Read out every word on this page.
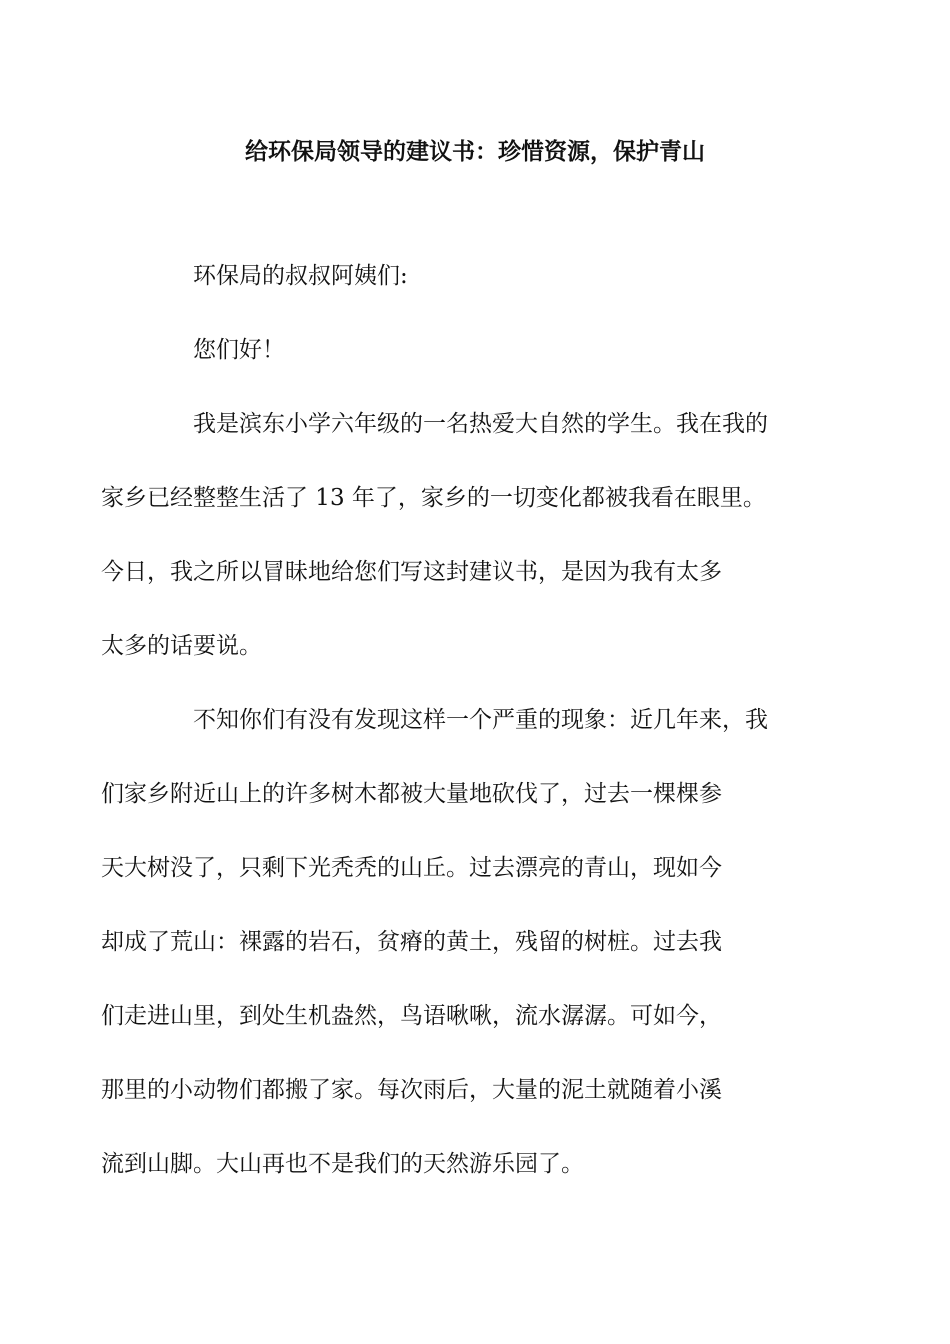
给环保局领导的建议书：珍惜资源，保护青山
环保局的叔叔阿姨们:
您们好！
我是滨东小学六年级的一名热爱大自然的学生。我在我的
家乡已经整整生活了 13 年了，家乡的一切变化都被我看在眼里。
今日，我之所以冒昧地给您们写这封建议书，是因为我有太多
太多的话要说。
不知你们有没有发现这样一个严重的现象：近几年来，我
们家乡附近山上的许多树木都被大量地砍伐了，过去一棵棵参
天大树没了，只剩下光秃秃的山丘。过去漂亮的青山，现如今
却成了荒山：裸露的岩石，贫瘠的黄土，残留的树桩。过去我
们走进山里，到处生机盎然，鸟语啾啾，流水潺潺。可如今，
那里的小动物们都搬了家。每次雨后，大量的泥土就随着小溪
流到山脚。大山再也不是我们的天然游乐园了。
